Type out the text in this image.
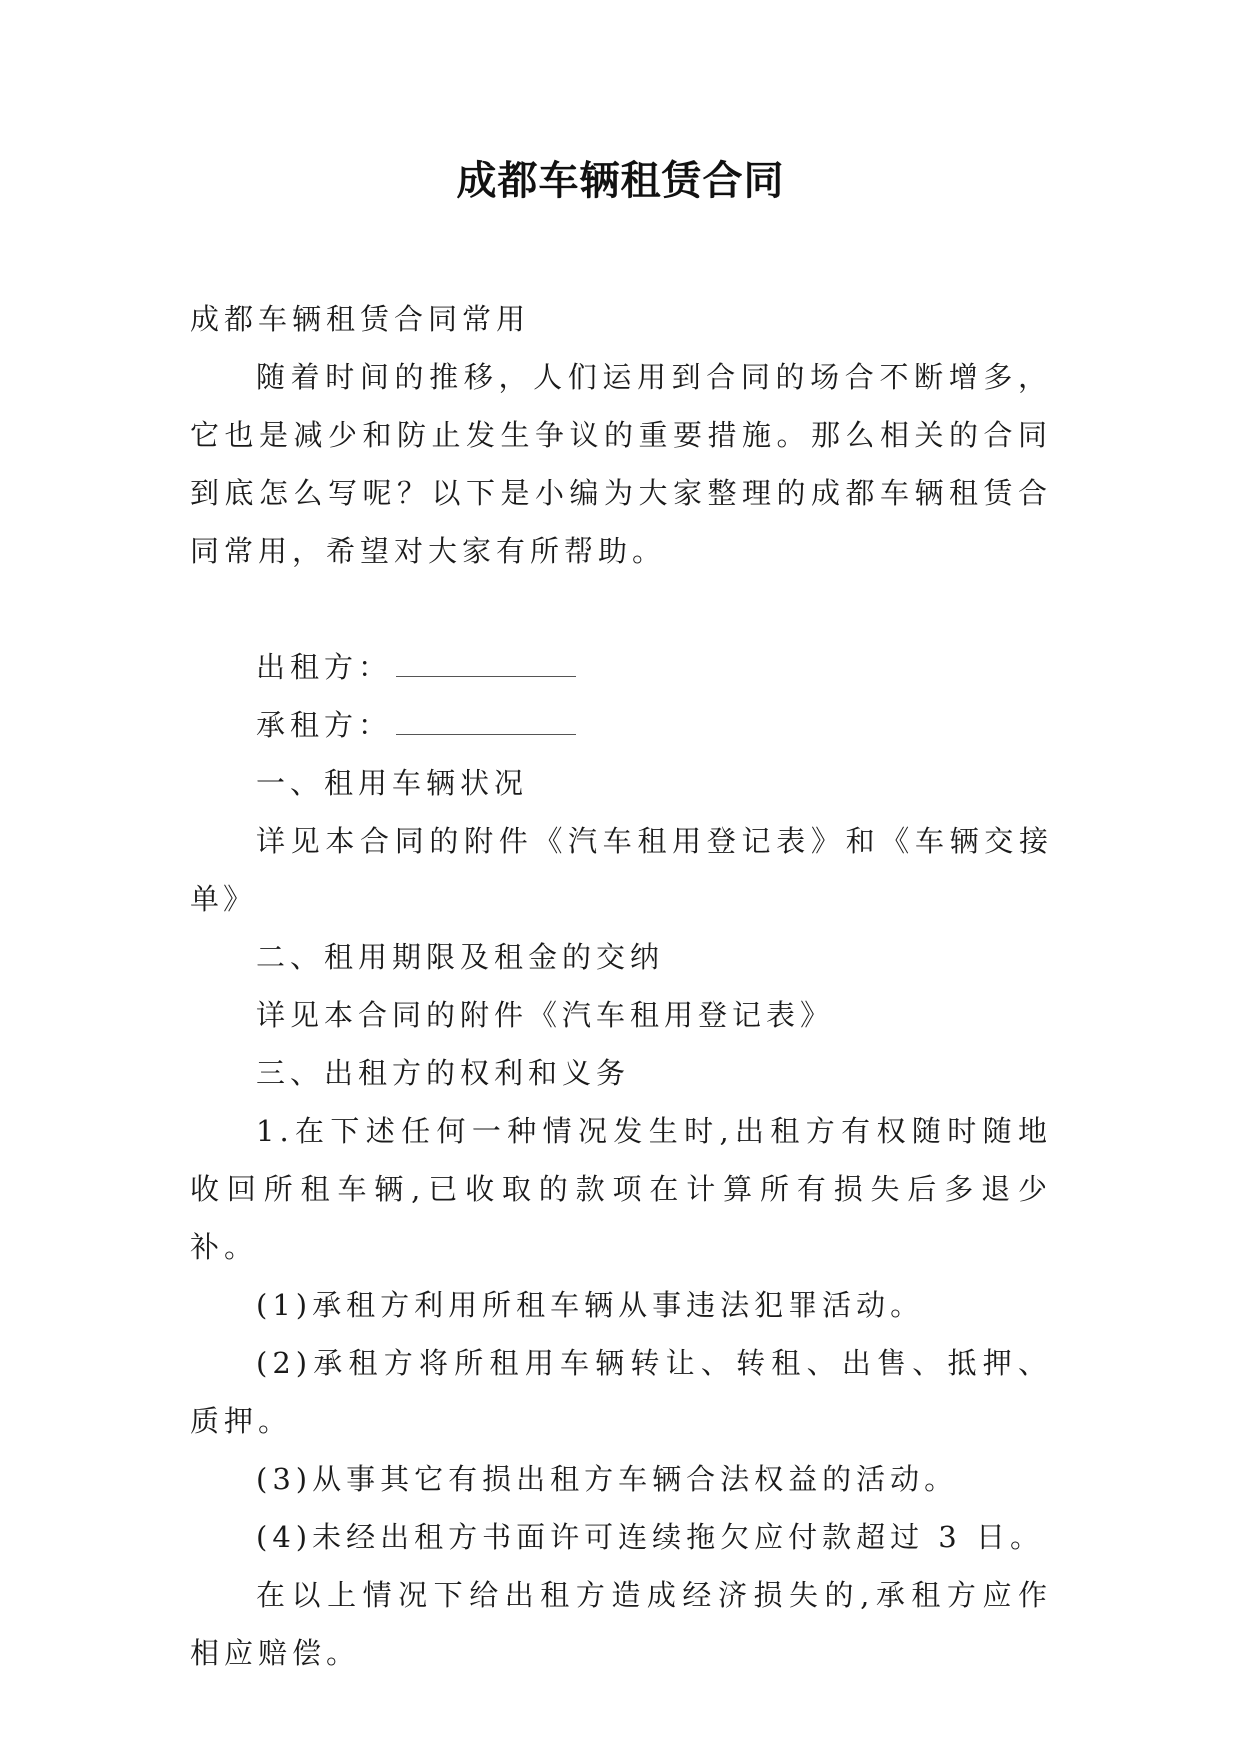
成都车辆租赁合同

成都车辆租赁合同常用

随着时间的推移，人们运用到合同的场合不断增多，它也是减少和防止发生争议的重要措施。那么相关的合同到底怎么写呢？以下是小编为大家整理的成都车辆租赁合同常用，希望对大家有所帮助。

出租方：

承租方：

一、租用车辆状况

详见本合同的附件《汽车租用登记表》和《车辆交接单》

二、租用期限及租金的交纳

详见本合同的附件《汽车租用登记表》

三、出租方的权利和义务

1.在下述任何一种情况发生时,出租方有权随时随地收回所租车辆,已收取的款项在计算所有损失后多退少补。

(1)承租方利用所租车辆从事违法犯罪活动。

(2)承租方将所租用车辆转让、转租、出售、抵押、质押。

(3)从事其它有损出租方车辆合法权益的活动。

(4)未经出租方书面许可连续拖欠应付款超过 3 日。

在以上情况下给出租方造成经济损失的,承租方应作相应赔偿。
